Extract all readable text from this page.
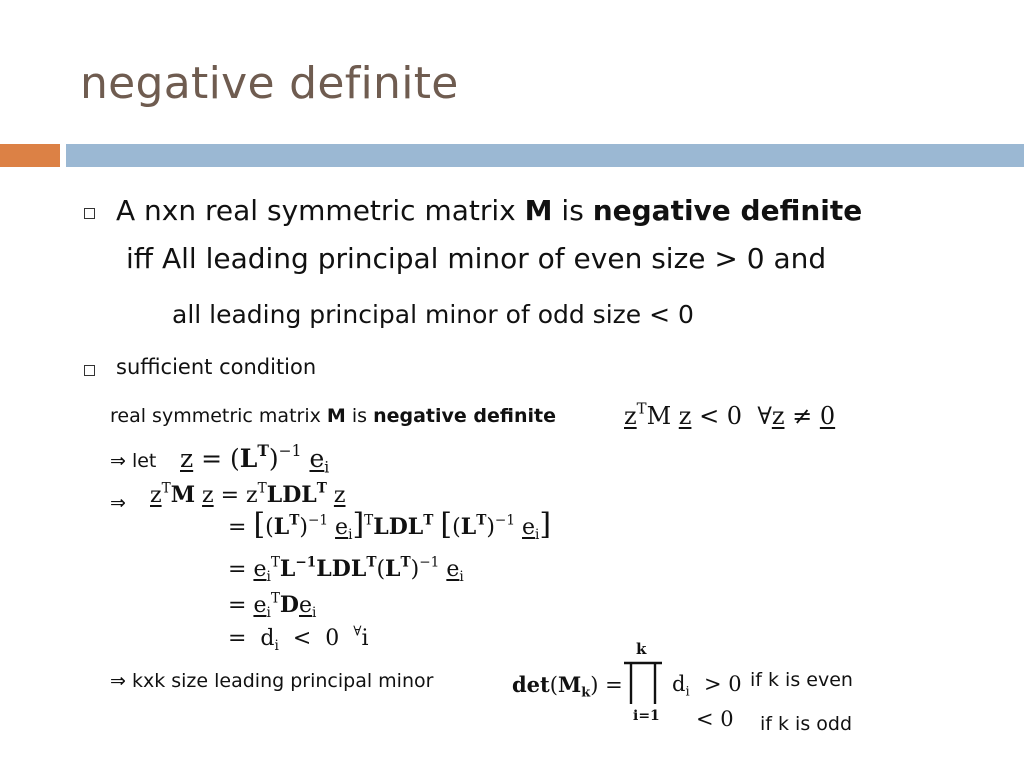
negative definite
A nxn real symmetric matrix M is negative definite
iff All leading principal minor of even size > 0 and
all leading principal minor of odd size < 0
sufficient condition
real symmetric matrix M is negative definite	$z^TM$ z < 0  ∀z ≠ 0
⇒ let $z = (L^T)^{-1}$ $e_i$
⇒ $z^TM$ $z = z^TLDL^T$ z
= [$(L^T)^{-1}$ $e_i]^TLDL^T$ [$(L^T)^{-1}$ $e_i$]
= $e_i^TL^{-1}LDL^T(L^T)^{-1}$ $e_i$
= $e_i^TDe_i$
=  $d_i < 0$  ∀i
⇒ kxk size leading principal minor	$\det(M_k)$ =
k
i=1
$d_i > 0$
< 0
if k is even
if k is odd
